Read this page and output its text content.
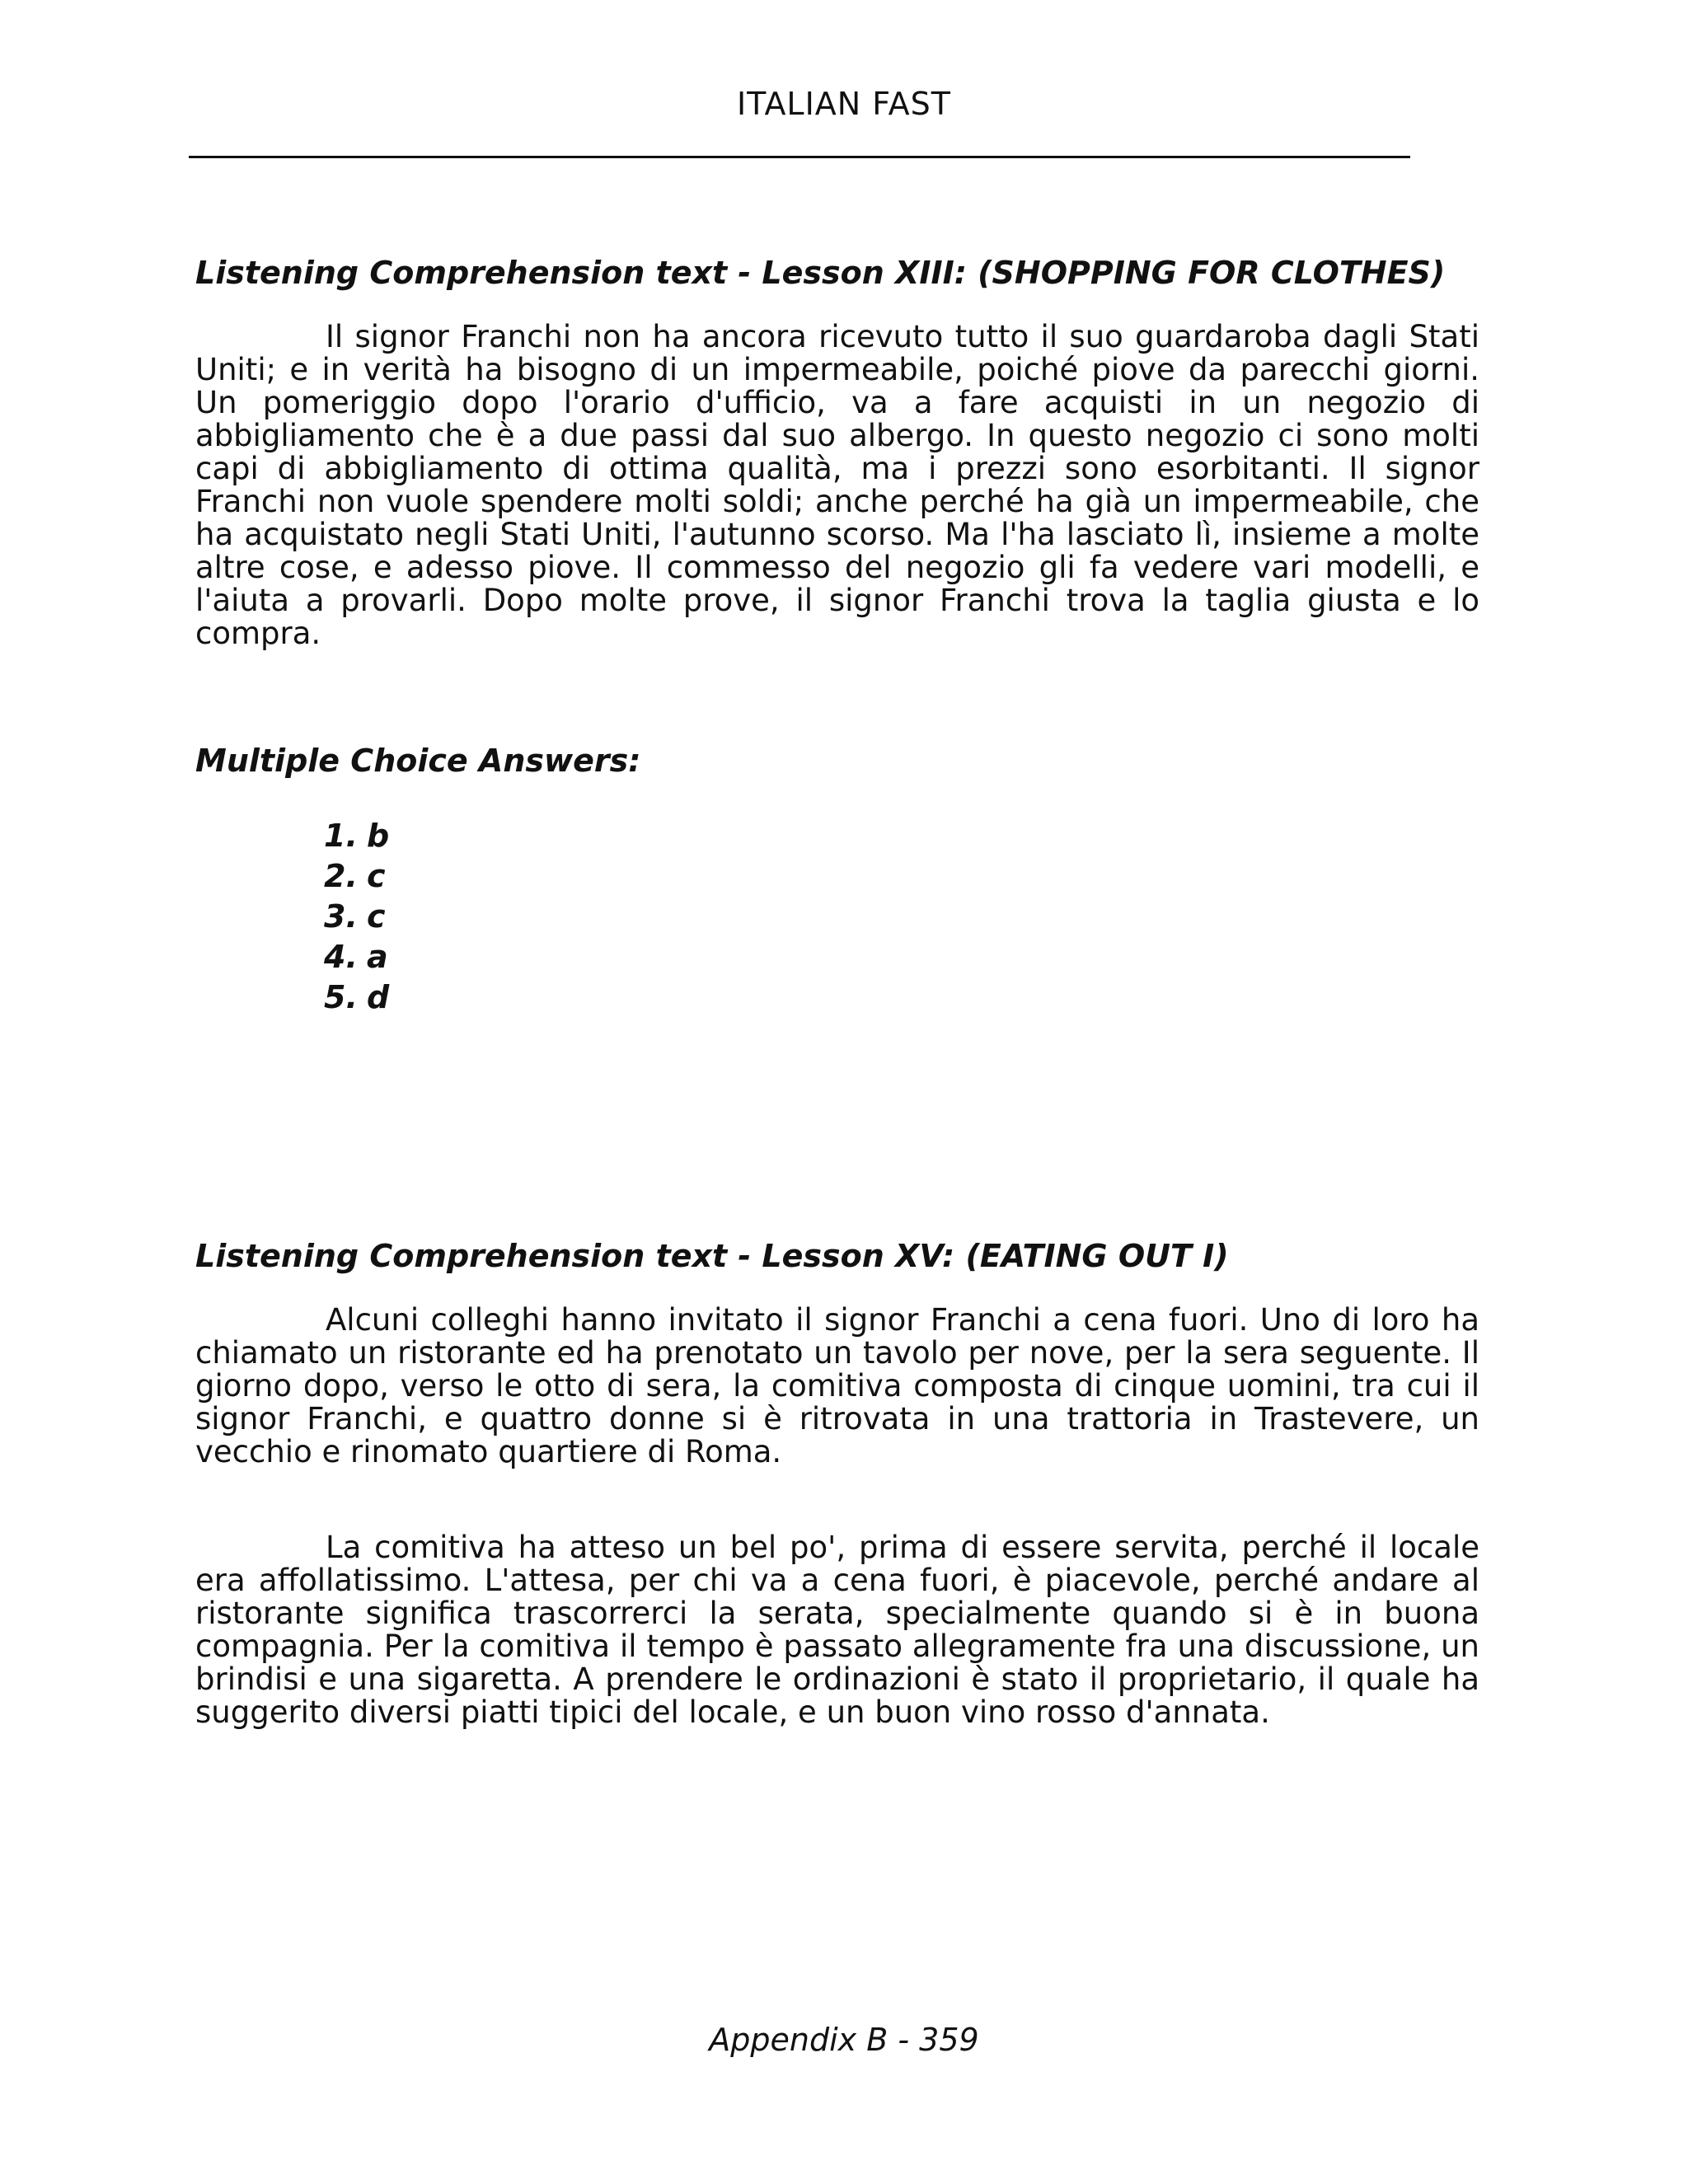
ITALIAN FAST
Listening Comprehension text - Lesson XIII: (SHOPPING FOR CLOTHES)

Il signor Franchi non ha ancora ricevuto tutto il suo guardaroba dagli Stati Uniti; e in verità ha bisogno di un impermeabile, poiché piove da parecchi giorni. Un pomeriggio dopo l'orario d'ufficio, va a fare acquisti in un negozio di abbigliamento che è a due passi dal suo albergo. In questo negozio ci sono molti capi di abbigliamento di ottima qualità, ma i prezzi sono esorbitanti. Il signor Franchi non vuole spendere molti soldi; anche perché ha già un impermeabile, che ha acquistato negli Stati Uniti, l'autunno scorso. Ma l'ha lasciato lì, insieme a molte altre cose, e adesso piove. Il commesso del negozio gli fa vedere vari modelli, e l'aiuta a provarli. Dopo molte prove, il signor Franchi trova la taglia giusta e lo compra.

Multiple Choice Answers:
1. b
2. c
3. c
4. a
5. d
Listening Comprehension text - Lesson XV: (EATING OUT I)

Alcuni colleghi hanno invitato il signor Franchi a cena fuori. Uno di loro ha chiamato un ristorante ed ha prenotato un tavolo per nove, per la sera seguente. Il giorno dopo, verso le otto di sera, la comitiva composta di cinque uomini, tra cui il signor Franchi, e quattro donne si è ritrovata in una trattoria in Trastevere, un vecchio e rinomato quartiere di Roma.

La comitiva ha atteso un bel po', prima di essere servita, perché il locale era affollatissimo. L'attesa, per chi va a cena fuori, è piacevole, perché andare al ristorante significa trascorrerci la serata, specialmente quando si è in buona compagnia. Per la comitiva il tempo è passato allegramente fra una discussione, un brindisi e una sigaretta. A prendere le ordinazioni è stato il proprietario, il quale ha suggerito diversi piatti tipici del locale, e un buon vino rosso d'annata.

Appendix B - 359
